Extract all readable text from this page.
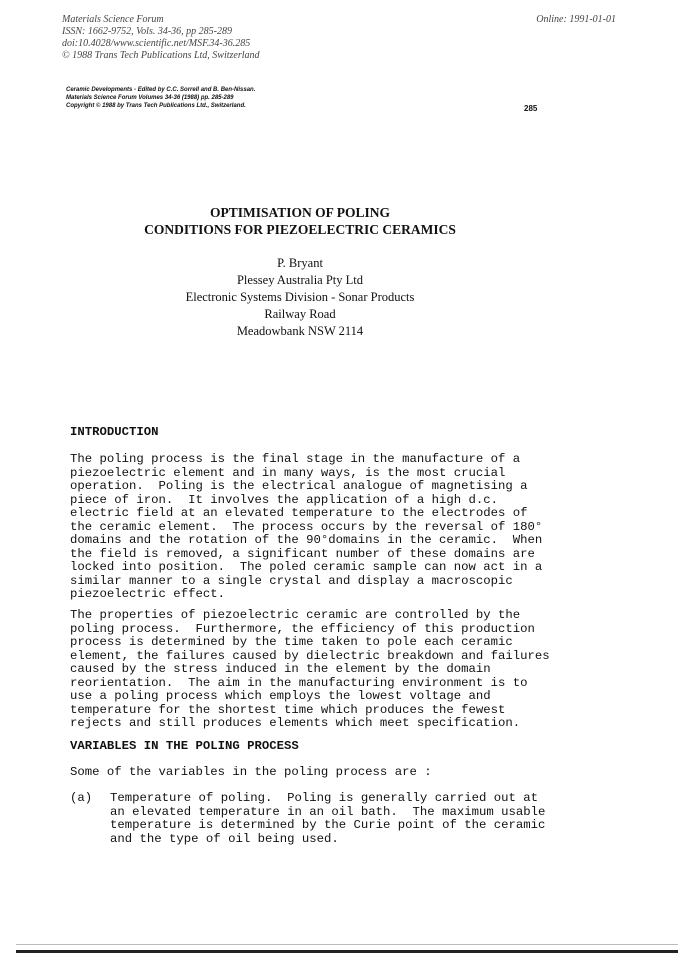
Materials Science Forum
ISSN: 1662-9752, Vols. 34-36, pp 285-289
doi:10.4028/www.scientific.net/MSF.34-36.285
© 1988 Trans Tech Publications Ltd, Switzerland
Online: 1991-01-01
Ceramic Developments - Edited by C.C. Sorrell and B. Ben-Nissan.
Materials Science Forum Volumes 34-36 (1988) pp. 285-289
Copyright © 1988 by Trans Tech Publications Ltd., Switzerland.	285
OPTIMISATION OF POLING
CONDITIONS FOR PIEZOELECTRIC CERAMICS
P. Bryant
Plessey Australia Pty Ltd
Electronic Systems Division - Sonar Products
Railway Road
Meadowbank NSW 2114
INTRODUCTION
The poling process is the final stage in the manufacture of a
piezoelectric element and in many ways, is the most crucial
operation.  Poling is the electrical analogue of magnetising a
piece of iron.  It involves the application of a high d.c.
electric field at an elevated temperature to the electrodes of
the ceramic element.  The process occurs by the reversal of 180°
domains and the rotation of the 90°domains in the ceramic.  When
the field is removed, a significant number of these domains are
locked into position.  The poled ceramic sample can now act in a
similar manner to a single crystal and display a macroscopic
piezoelectric effect.
The properties of piezoelectric ceramic are controlled by the
poling process.  Furthermore, the efficiency of this production
process is determined by the time taken to pole each ceramic
element, the failures caused by dielectric breakdown and failures
caused by the stress induced in the element by the domain
reorientation.  The aim in the manufacturing environment is to
use a poling process which employs the lowest voltage and
temperature for the shortest time which produces the fewest
rejects and still produces elements which meet specification.
VARIABLES IN THE POLING PROCESS
Some of the variables in the poling process are :
(a) Temperature of poling.  Poling is generally carried out at
an elevated temperature in an oil bath.  The maximum usable
temperature is determined by the Curie point of the ceramic
and the type of oil being used.
